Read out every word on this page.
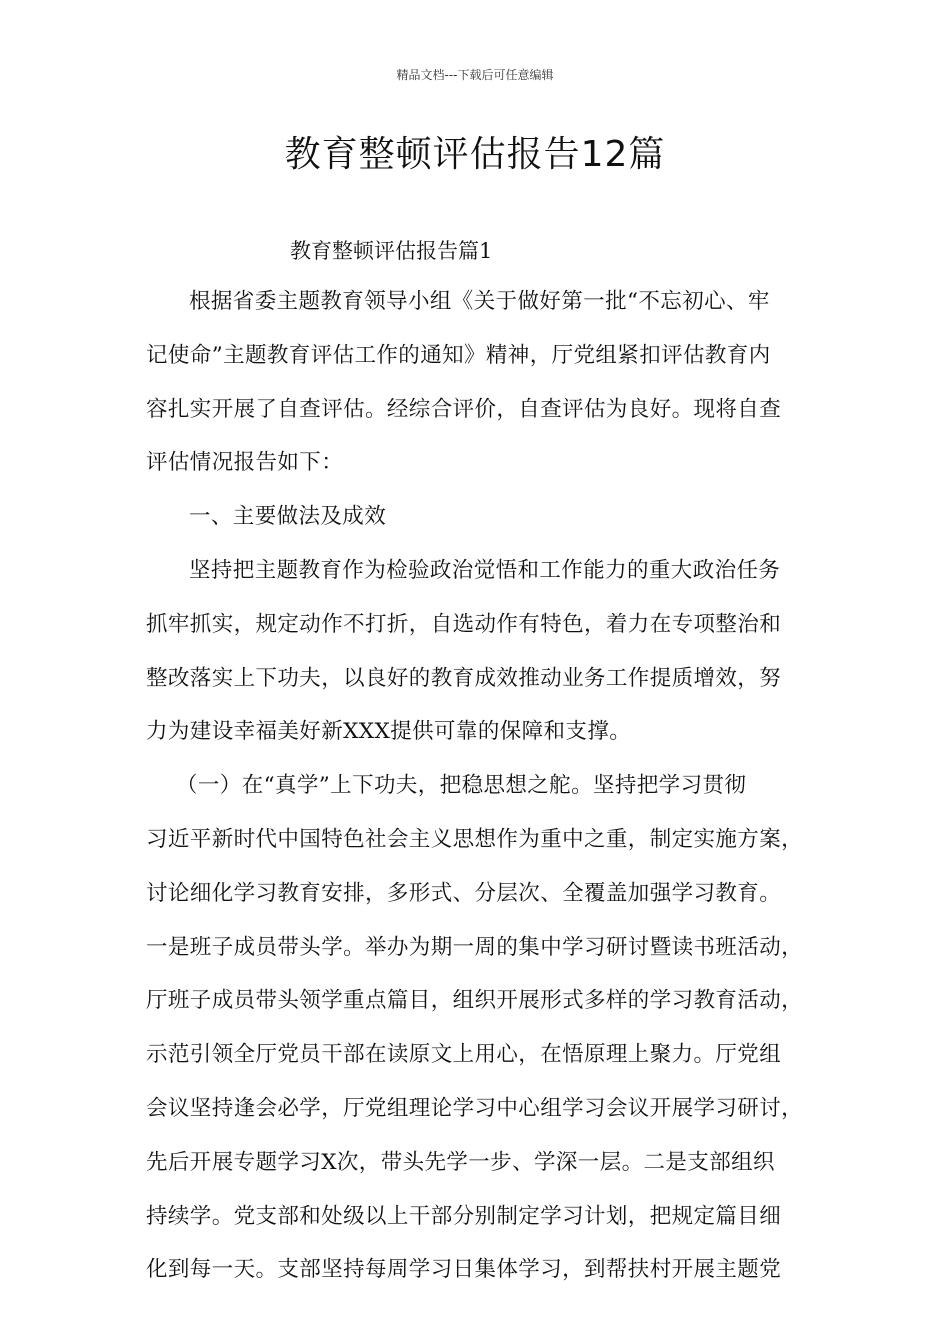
精品文档---下载后可任意编辑
教育整顿评估报告12篇
教育整顿评估报告篇1
根据省委主题教育领导小组《关于做好第一批“不忘初心、牢
记使命”主题教育评估工作的通知》精神，厅党组紧扣评估教育内
容扎实开展了自查评估。经综合评价，自查评估为良好。现将自查
评估情况报告如下：
一、主要做法及成效
坚持把主题教育作为检验政治觉悟和工作能力的重大政治任务
抓牢抓实，规定动作不打折，自选动作有特色，着力在专项整治和
整改落实上下功夫，以良好的教育成效推动业务工作提质增效，努
力为建设幸福美好新XXX提供可靠的保障和支撑。
（一）在“真学”上下功夫，把稳思想之舵。坚持把学习贯彻
习近平新时代中国特色社会主义思想作为重中之重，制定实施方案，
讨论细化学习教育安排，多形式、分层次、全覆盖加强学习教育。
一是班子成员带头学。举办为期一周的集中学习研讨暨读书班活动，
厅班子成员带头领学重点篇目，组织开展形式多样的学习教育活动，
示范引领全厅党员干部在读原文上用心，在悟原理上聚力。厅党组
会议坚持逢会必学，厅党组理论学习中心组学习会议开展学习研讨，
先后开展专题学习X次，带头先学一步、学深一层。二是支部组织
持续学。党支部和处级以上干部分别制定学习计划，把规定篇目细
化到每一天。支部坚持每周学习日集体学习，到帮扶村开展主题党
